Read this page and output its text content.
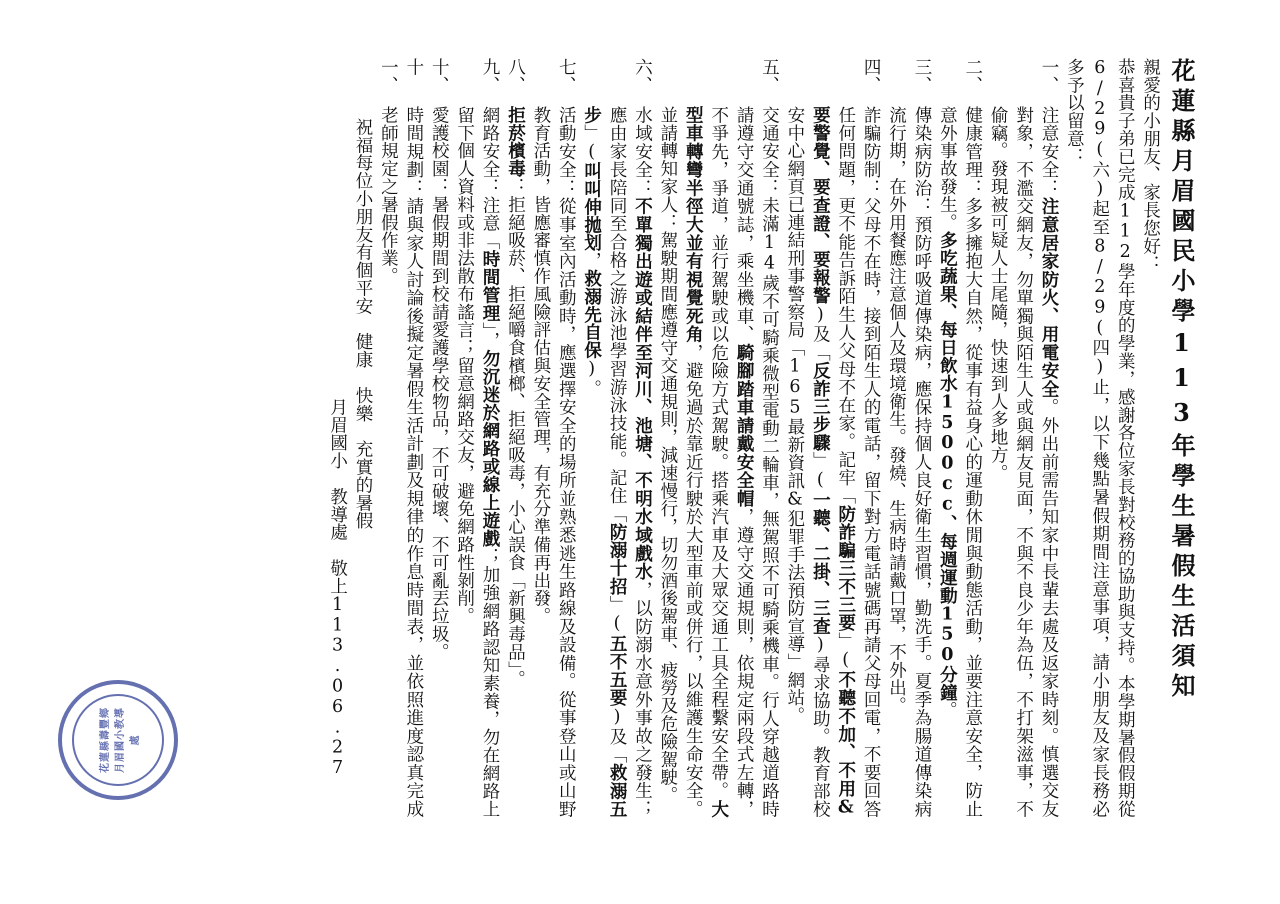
花蓮縣月眉國民小學113年學生暑假生活須知
親愛的小朋友、家長您好：
恭喜貴子弟已完成112學年度的學業，感謝各位家長對校務的協助與支持。本學期暑假假期從6/29(六)起至8/29(四)止，以下幾點暑假期間注意事項，請小朋友及家長務必多予以留意：
一、
注意安全：注意居家防火、用電安全。外出前需告知家中長輩去處及返家時刻。慎選交友對象，不濫交網友，勿單獨與陌生人或與網友見面，不與不良少年為伍，不打架滋事，不偷竊。發現被可疑人士尾隨，快速到人多地方。
二、
健康管理：多多擁抱大自然，從事有益身心的運動休閒與動態活動，並要注意安全，防止意外事故發生。多吃蔬果、每日飲水1500cc、每週運動150分鐘。
三、
傳染病防治：預防呼吸道傳染病，應保持個人良好衛生習慣，勤洗手。夏季為腸道傳染病流行期，在外用餐應注意個人及環境衛生。發燒、生病時請戴口罩，不外出。
四、
詐騙防制：父母不在時，接到陌生人的電話，留下對方電話號碼再請父母回電，不要回答任何問題，更不能告訴陌生人父母不在家。記牢「防詐騙三不三要」(不聽不加、不用&要警覺、要查證、要報警)及「反詐三步驟」(一聽、二掛、三查)尋求協助。教育部校安中心網頁已連結刑事警察局「165最新資訊&犯罪手法預防宣導」網站。
五、
交通安全：未滿14歲不可騎乘微型電動二輪車，無駕照不可騎乘機車。行人穿越道路時請遵守交通號誌，乘坐機車、騎腳踏車請戴安全帽，遵守交通規則，依規定兩段式左轉，不爭先，爭道，並行駕駛或以危險方式駕駛。搭乘汽車及大眾交通工具全程繫安全帶。大型車轉彎半徑大並有視覺死角，避免過於靠近行駛於大型車前或併行，以維護生命安全。並請轉知家人：駕駛期間應遵守交通規則，減速慢行，切勿酒後駕車、疲勞及危險駕駛。
六、
水域安全：不單獨出遊或結伴至河川、池塘、不明水域戲水，以防溺水意外事故之發生；應由家長陪同至合格之游泳池學習游泳技能。記住「防溺十招」(五不五要)及「救溺五步」(叫叫伸拋划，救溺先自保)。
七、
活動安全：從事室內活動時，應選擇安全的場所並熟悉逃生路線及設備。從事登山或山野教育活動，皆應審慎作風險評估與安全管理，有充分準備再出發。
八、
拒菸檳毒：拒絕吸菸、拒絕嚼食檳榔、拒絕吸毒，小心誤食「新興毒品」。
九、
網路安全：注意「時間管理」，勿沉迷於網路或線上遊戲；加強網路認知素養，勿在網路上留下個人資料或非法散布謠言；留意網路交友，避免網路性剝削。
十、
愛護校園：暑假期間到校請愛護學校物品，不可破壞、不可亂丟垃圾。
十一、
時間規劃：請與家人討論後擬定暑假生活計劃及規律的作息時間表，並依照進度認真完成老師規定之暑假作業。
祝福每位小朋友有個平安　健康　快樂　充實的暑假
月眉國小　教導處　敬上113.06.27
花蓮縣壽豐鄉月眉國小教導處
